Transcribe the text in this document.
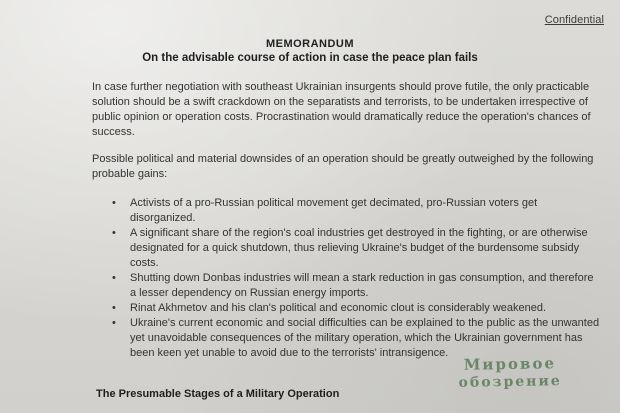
Confidential
MEMORANDUM
On the advisable course of action in case the peace plan fails

In case further negotiation with southeast Ukrainian insurgents should prove futile, the only practicable solution should be a swift crackdown on the separatists and terrorists, to be undertaken irrespective of public opinion or operation costs. Procrastination would dramatically reduce the operation's chances of success.

Possible political and material downsides of an operation should be greatly outweighed by the following probable gains:

• Activists of a pro-Russian political movement get decimated, pro-Russian voters get disorganized.
• A significant share of the region's coal industries get destroyed in the fighting, or are otherwise designated for a quick shutdown, thus relieving Ukraine's budget of the burdensome subsidy costs.
• Shutting down Donbas industries will mean a stark reduction in gas consumption, and therefore a lesser dependency on Russian energy imports.
• Rinat Akhmetov and his clan's political and economic clout is considerably weakened.
• Ukraine's current economic and social difficulties can be explained to the public as the unwanted yet unavoidable consequences of the military operation, which the Ukrainian government has been keen yet unable to avoid due to the terrorists' intransigence.
The Presumable Stages of a Military Operation
Мировое
обозрение
